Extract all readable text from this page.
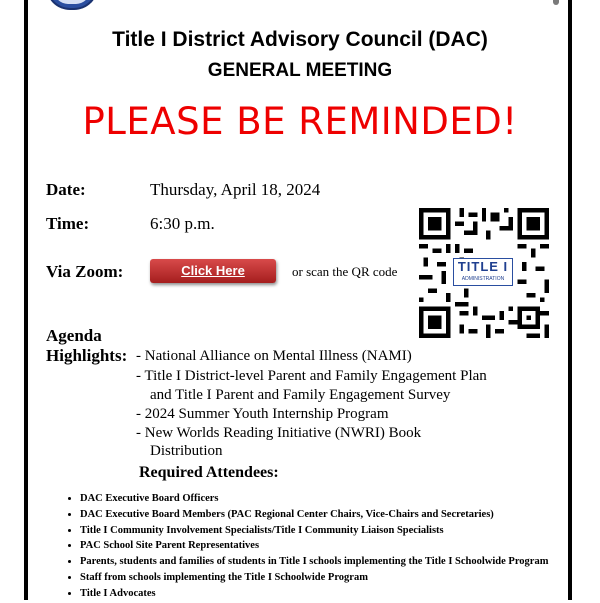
Title I District Advisory Council (DAC)
GENERAL MEETING
PLEASE BE REMINDED!
Date:	Thursday, April 18, 2024
Time:	6:30 p.m.
Via Zoom:	Click Here	or scan the QR code	TITLE I
ADMINISTRATION
Agenda
Highlights: - National Alliance on Mental Illness (NAMI)
- Title I District-level Parent and Family Engagement Plan
and Title I Parent and Family Engagement Survey
- 2024 Summer Youth Internship Program
- New Worlds Reading Initiative (NWRI) Book
Distribution
Required Attendees:
• DAC Executive Board Officers
• DAC Executive Board Members (PAC Regional Center Chairs, Vice-Chairs and Secretaries)
• Title I Community Involvement Specialists/Title I Community Liaison Specialists
• PAC School Site Parent Representatives
• Parents, students and families of students in Title I schools implementing the Title I Schoolwide Program
• Staff from schools implementing the Title I Schoolwide Program
• Title I Advocates
